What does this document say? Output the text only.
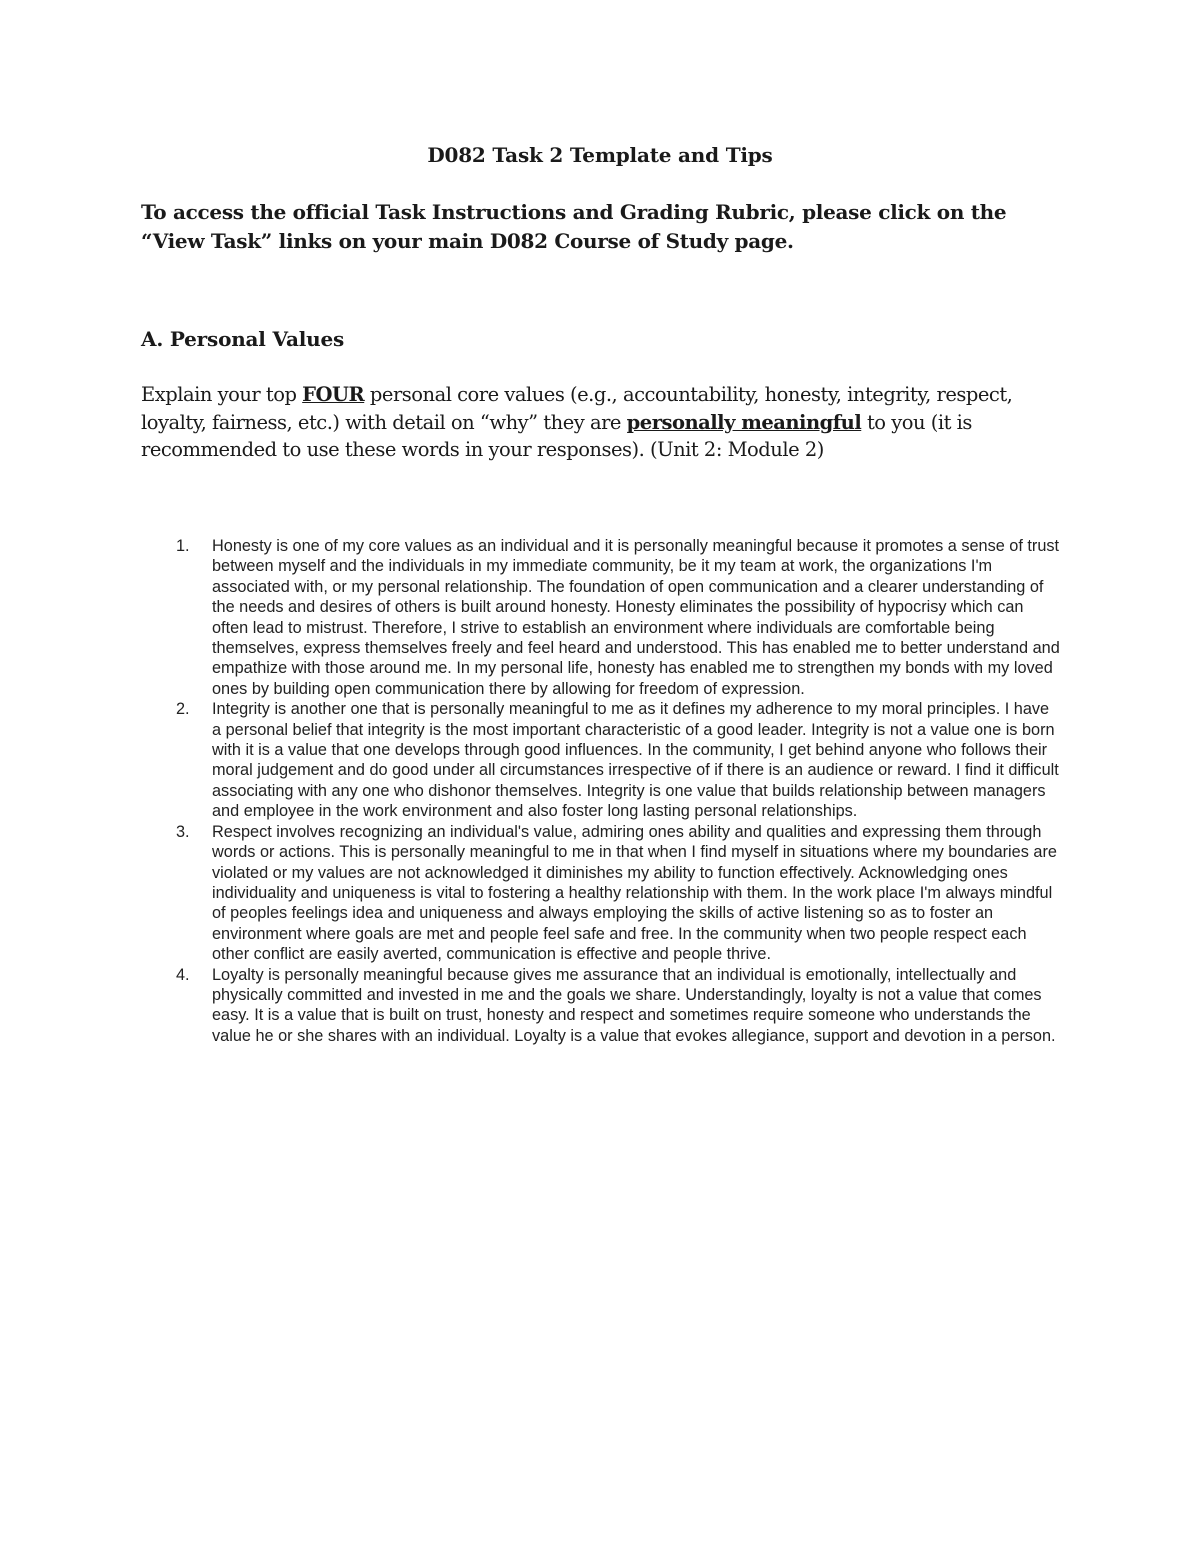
D082 Task 2 Template and Tips
To access the official Task Instructions and Grading Rubric, please click on the “View Task” links on your main D082 Course of Study page.
A. Personal Values
Explain your top FOUR personal core values (e.g., accountability, honesty, integrity, respect, loyalty, fairness, etc.) with detail on “why” they are personally meaningful to you (it is recommended to use these words in your responses). (Unit 2: Module 2)
1. Honesty is one of my core values as an individual and it is personally meaningful because it promotes a sense of trust between myself and the individuals in my immediate community, be it my team at work, the organizations I'm associated with, or my personal relationship. The foundation of open communication and a clearer understanding of the needs and desires of others is built around honesty. Honesty eliminates the possibility of hypocrisy which can often lead to mistrust. Therefore, I strive to establish an environment where individuals are comfortable being themselves, express themselves freely and feel heard and understood. This has enabled me to better understand and empathize with those around me. In my personal life, honesty has enabled me to strengthen my bonds with my loved ones by building open communication there by allowing for freedom of expression.
2. Integrity is another one that is personally meaningful to me as it defines my adherence to my moral principles. I have a personal belief that integrity is the most important characteristic of a good leader. Integrity is not a value one is born with it is a value that one develops through good influences. In the community, I get behind anyone who follows their moral judgement and do good under all circumstances irrespective of if there is an audience or reward. I find it difficult associating with any one who dishonor themselves. Integrity is one value that builds relationship between managers and employee in the work environment and also foster long lasting personal relationships.
3. Respect involves recognizing an individual's value, admiring ones ability and qualities and expressing them through words or actions. This is personally meaningful to me in that when I find myself in situations where my boundaries are violated or my values are not acknowledged it diminishes my ability to function effectively. Acknowledging ones individuality and uniqueness is vital to fostering a healthy relationship with them. In the work place I'm always mindful of peoples feelings idea and uniqueness and always employing the skills of active listening so as to foster an environment where goals are met and people feel safe and free. In the community when two people respect each other conflict are easily averted, communication is effective and people thrive.
4. Loyalty is personally meaningful because gives me assurance that an individual is emotionally, intellectually and physically committed and invested in me and the goals we share. Understandingly, loyalty is not a value that comes easy. It is a value that is built on trust, honesty and respect and sometimes require someone who understands the value he or she shares with an individual. Loyalty is a value that evokes allegiance, support and devotion in a person.
